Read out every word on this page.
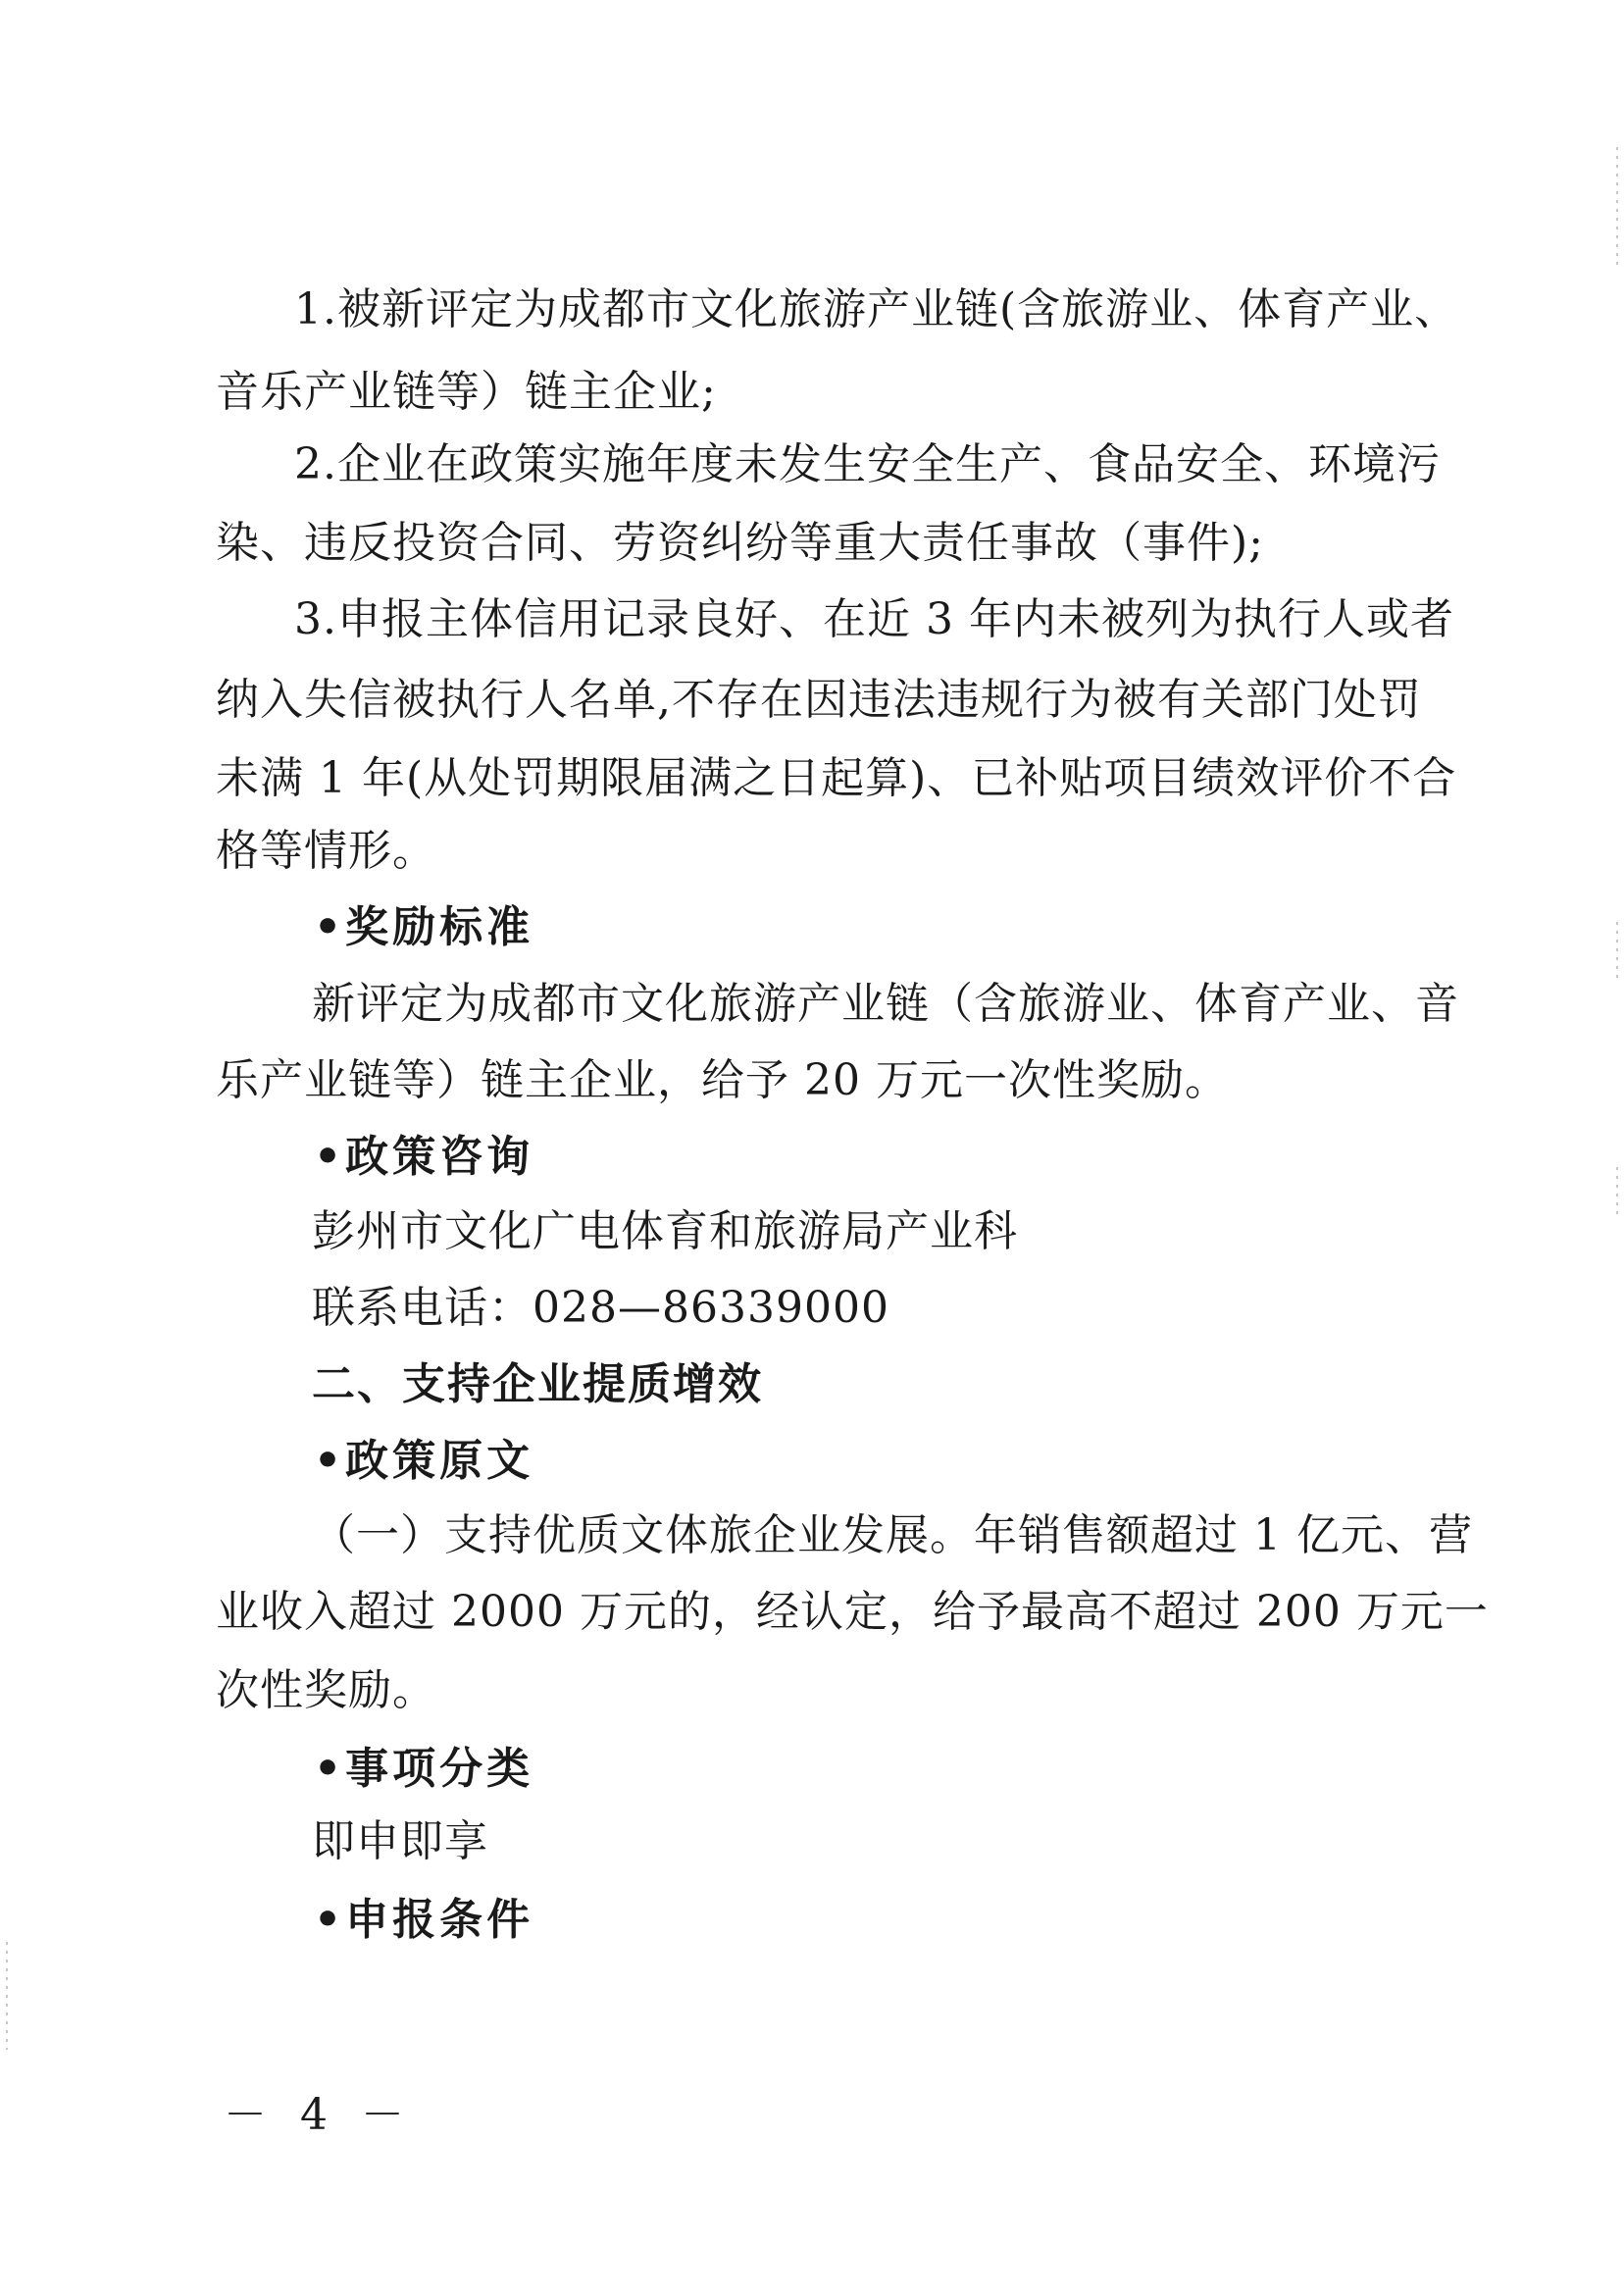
1.被新评定为成都市文化旅游产业链(含旅游业、体育产业、
音乐产业链等）链主企业;
2.企业在政策实施年度未发生安全生产、食品安全、环境污
染、违反投资合同、劳资纠纷等重大责任事故（事件);
3.申报主体信用记录良好、在近 3 年内未被列为执行人或者
纳入失信被执行人名单,不存在因违法违规行为被有关部门处罚
未满 1 年(从处罚期限届满之日起算)、已补贴项目绩效评价不合
格等情形。
•奖励标准
新评定为成都市文化旅游产业链（含旅游业、体育产业、音
乐产业链等）链主企业，给予 20 万元一次性奖励。
•政策咨询
彭州市文化广电体育和旅游局产业科
联系电话：028—86339000
二、支持企业提质增效
•政策原文
（一）支持优质文体旅企业发展。年销售额超过 1 亿元、营
业收入超过 2000 万元的，经认定，给予最高不超过 200 万元一
次性奖励。
•事项分类
即申即享
•申报条件
－ 4 －
